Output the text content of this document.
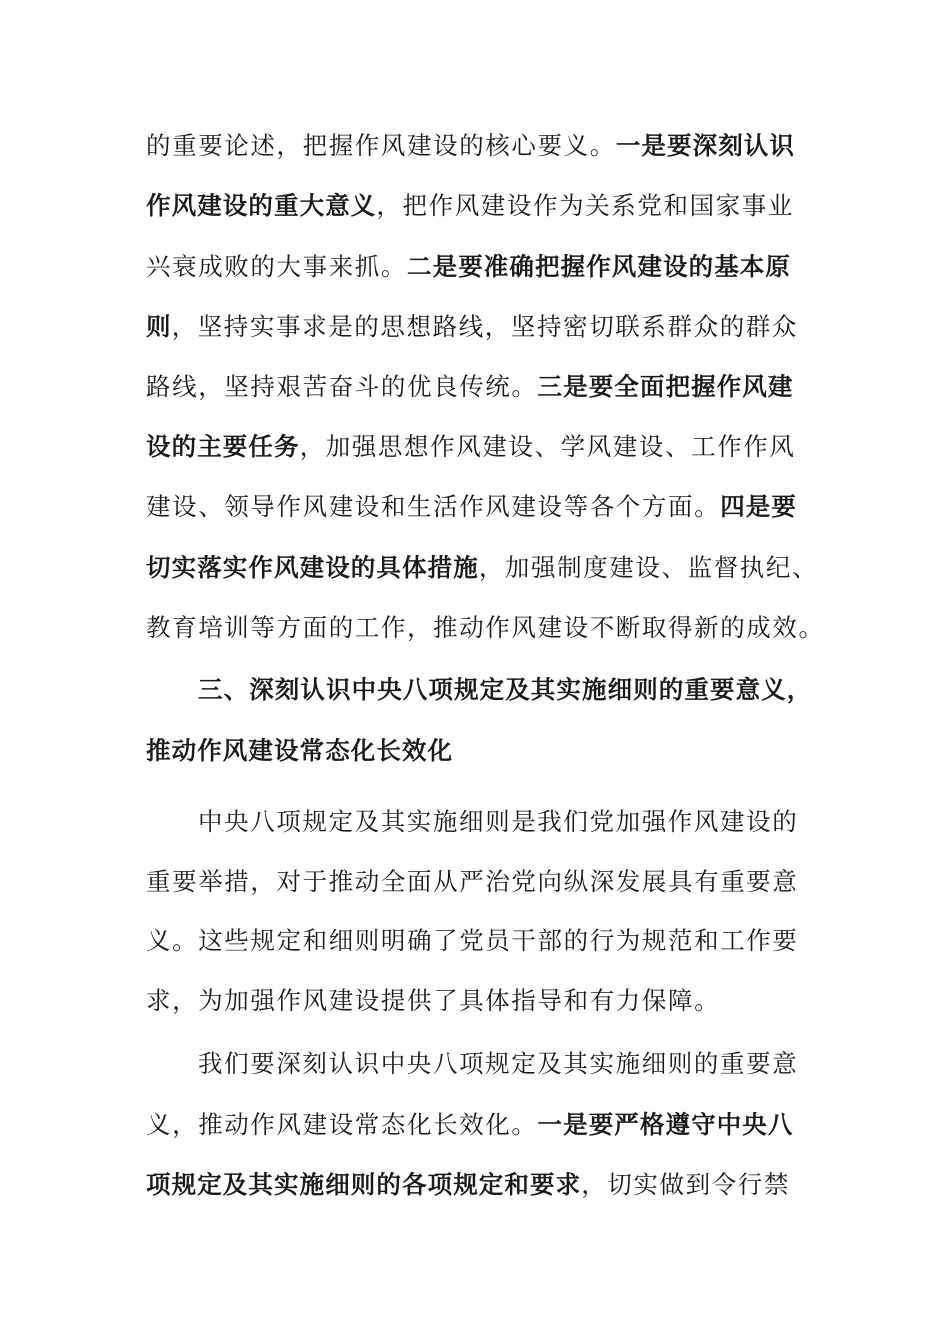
的重要论述，把握作风建设的核心要义。一是要深刻认识
作风建设的重大意义，把作风建设作为关系党和国家事业
兴衰成败的大事来抓。二是要准确把握作风建设的基本原
则，坚持实事求是的思想路线，坚持密切联系群众的群众
路线，坚持艰苦奋斗的优良传统。三是要全面把握作风建
设的主要任务，加强思想作风建设、学风建设、工作作风
建设、领导作风建设和生活作风建设等各个方面。四是要
切实落实作风建设的具体措施，加强制度建设、监督执纪、
教育培训等方面的工作，推动作风建设不断取得新的成效。
三、深刻认识中央八项规定及其实施细则的重要意义，
推动作风建设常态化长效化
中央八项规定及其实施细则是我们党加强作风建设的
重要举措，对于推动全面从严治党向纵深发展具有重要意
义。这些规定和细则明确了党员干部的行为规范和工作要
求，为加强作风建设提供了具体指导和有力保障。
我们要深刻认识中央八项规定及其实施细则的重要意
义，推动作风建设常态化长效化。一是要严格遵守中央八
项规定及其实施细则的各项规定和要求，切实做到令行禁
